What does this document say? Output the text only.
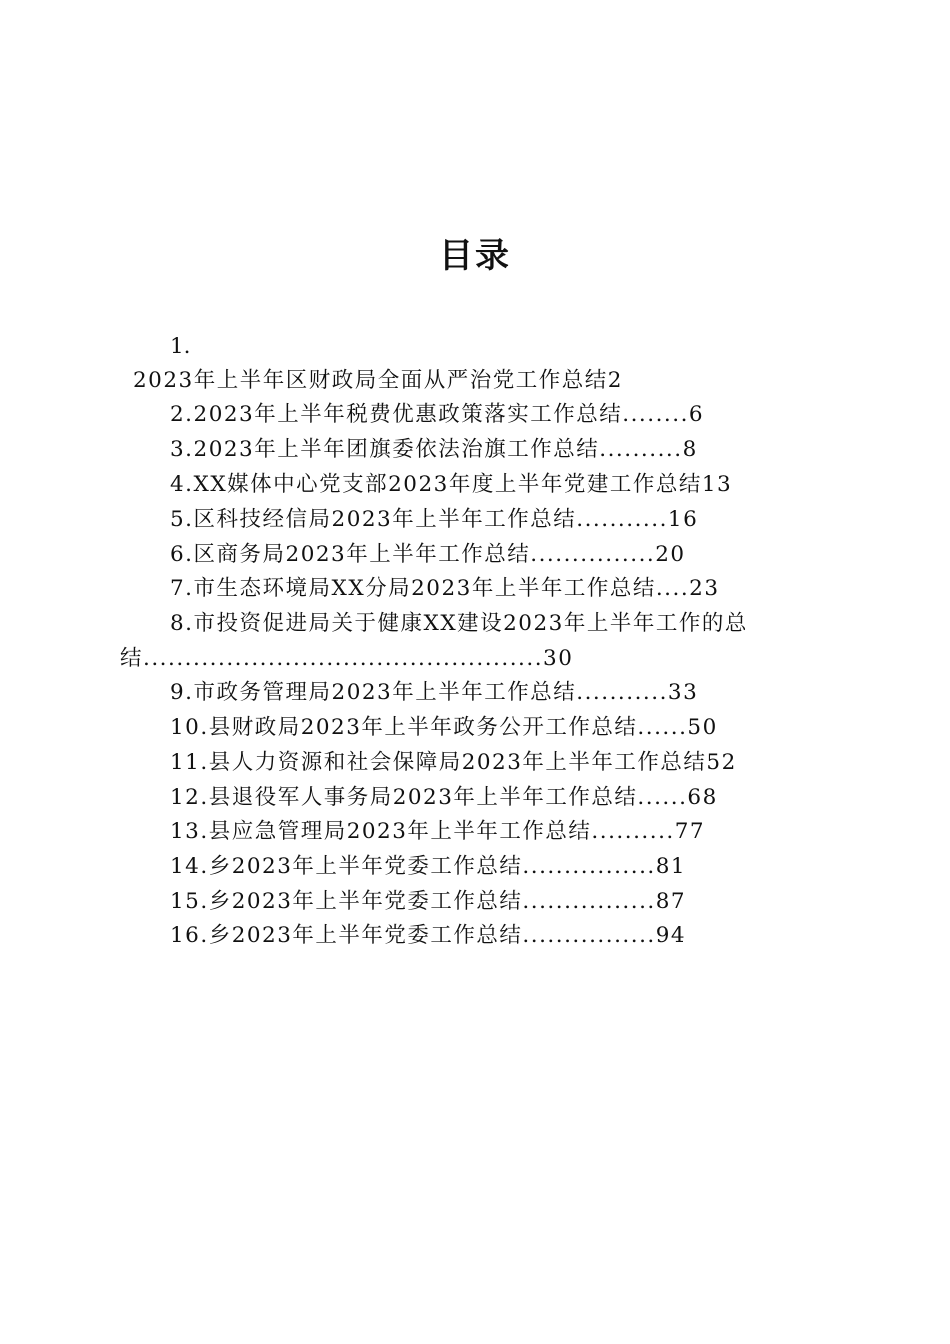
目录
1.
2023年上半年区财政局全面从严治党工作总结2
2.2023年上半年税费优惠政策落实工作总结........6
3.2023年上半年团旗委依法治旗工作总结..........8
4.XX媒体中心党支部2023年度上半年党建工作总结13
5.区科技经信局2023年上半年工作总结...........16
6.区商务局2023年上半年工作总结...............20
7.市生态环境局XX分局2023年上半年工作总结....23
8.市投资促进局关于健康XX建设2023年上半年工作的总
结................................................30
9.市政务管理局2023年上半年工作总结...........33
10.县财政局2023年上半年政务公开工作总结......50
11.县人力资源和社会保障局2023年上半年工作总结52
12.县退役军人事务局2023年上半年工作总结......68
13.县应急管理局2023年上半年工作总结..........77
14.乡2023年上半年党委工作总结................81
15.乡2023年上半年党委工作总结................87
16.乡2023年上半年党委工作总结................94
